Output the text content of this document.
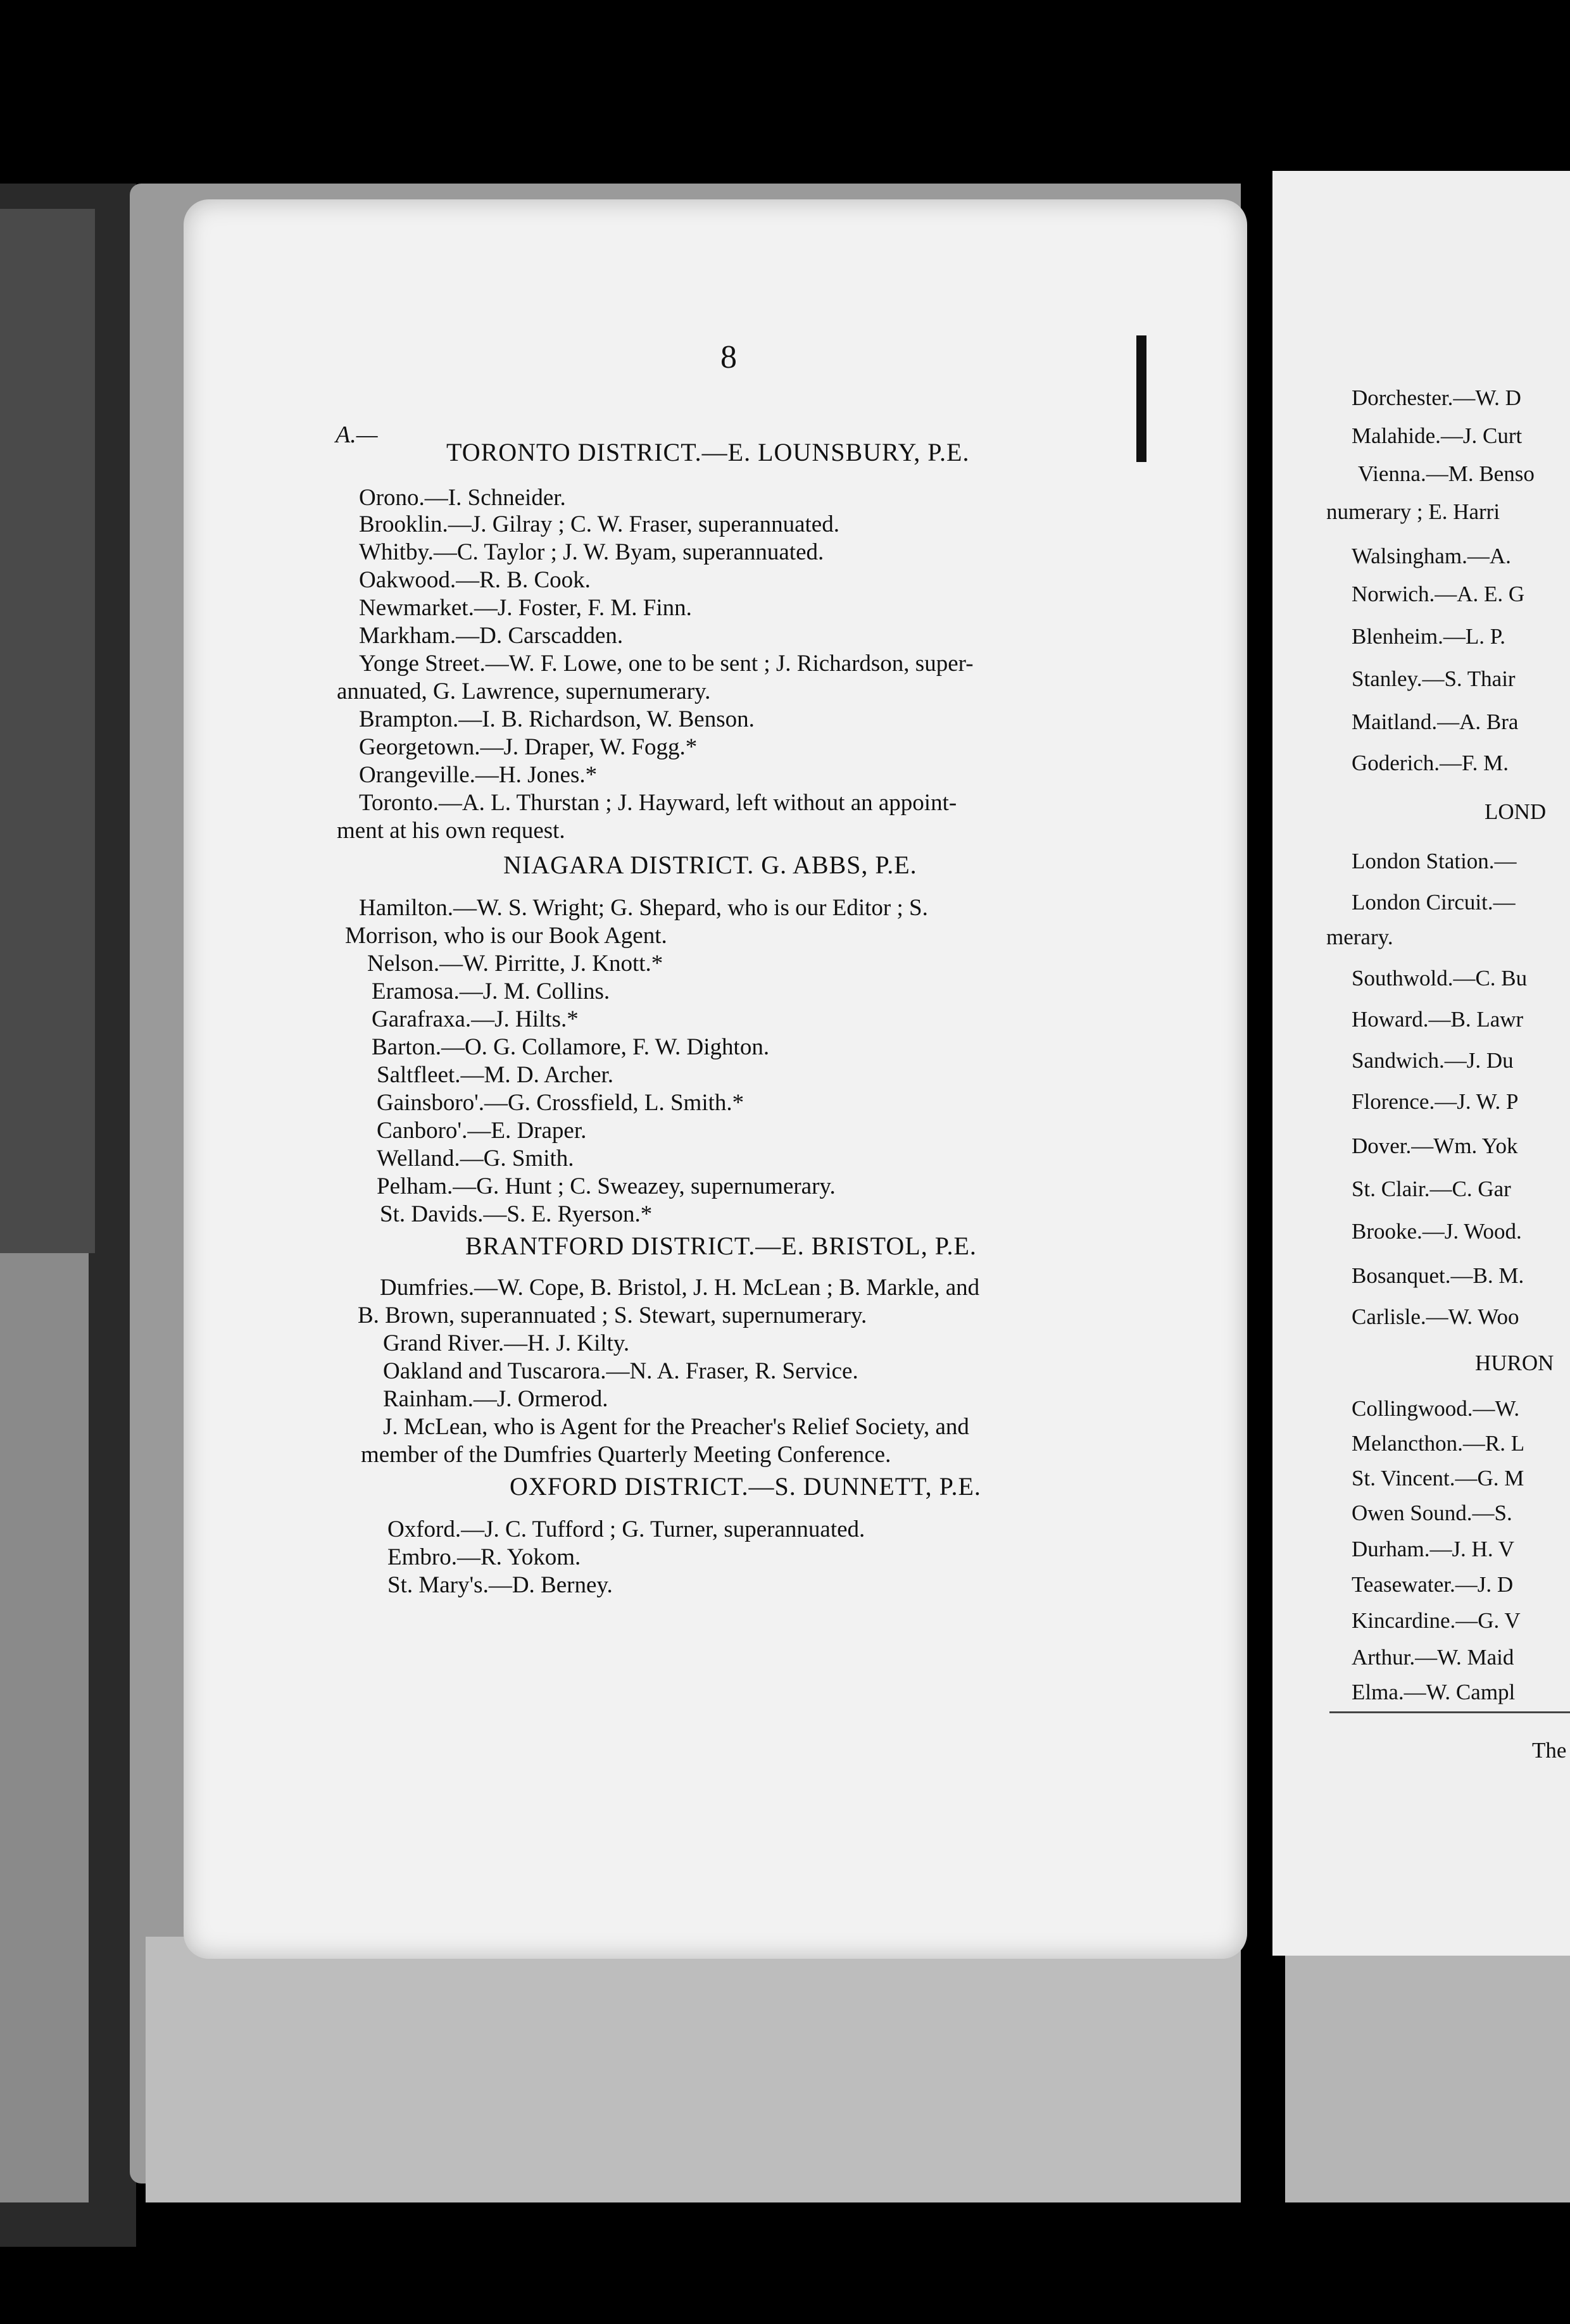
8
A.—
TORONTO DISTRICT.—E. LOUNSBURY, P.E.
Orono.—I. Schneider.
Brooklin.—J. Gilray ; C. W. Fraser, superannuated.
Whitby.—C. Taylor ; J. W. Byam, superannuated.
Oakwood.—R. B. Cook.
Newmarket.—J. Foster, F. M. Finn.
Markham.—D. Carscadden.
Yonge Street.—W. F. Lowe, one to be sent ; J. Richardson, super-
annuated, G. Lawrence, supernumerary.
Brampton.—I. B. Richardson, W. Benson.
Georgetown.—J. Draper, W. Fogg.*
Orangeville.—H. Jones.*
Toronto.—A. L. Thurstan ; J. Hayward, left without an appoint-
ment at his own request.
NIAGARA DISTRICT. G. ABBS, P.E.
Hamilton.—W. S. Wright; G. Shepard, who is our Editor ; S.
Morrison, who is our Book Agent.
Nelson.—W. Pirritte, J. Knott.*
Eramosa.—J. M. Collins.
Garafraxa.—J. Hilts.*
Barton.—O. G. Collamore, F. W. Dighton.
Saltfleet.—M. D. Archer.
Gainsboro'.—G. Crossfield, L. Smith.*
Canboro'.—E. Draper.
Welland.—G. Smith.
Pelham.—G. Hunt ; C. Sweazey, supernumerary.
St. Davids.—S. E. Ryerson.*
BRANTFORD DISTRICT.—E. BRISTOL, P.E.
Dumfries.—W. Cope, B. Bristol, J. H. McLean ; B. Markle, and
B. Brown, superannuated ; S. Stewart, supernumerary.
Grand River.—H. J. Kilty.
Oakland and Tuscarora.—N. A. Fraser, R. Service.
Rainham.—J. Ormerod.
J. McLean, who is Agent for the Preacher's Relief Society, and
member of the Dumfries Quarterly Meeting Conference.
OXFORD DISTRICT.—S. DUNNETT, P.E.
Oxford.—J. C. Tufford ; G. Turner, superannuated.
Embro.—R. Yokom.
St. Mary's.—D. Berney.
Dorchester.—W. D
Malahide.—J. Curt
Vienna.—M. Benso
numerary ; E. Harri
Walsingham.—A.
Norwich.—A. E. G
Blenheim.—L. P.
Stanley.—S. Thair
Maitland.—A. Bra
Goderich.—F. M.
LOND
London Station.—
London Circuit.—
merary.
Southwold.—C. Bu
Howard.—B. Lawr
Sandwich.—J. Du
Florence.—J. W. P
Dover.—Wm. Yok
St. Clair.—C. Gar
Brooke.—J. Wood.
Bosanquet.—B. M.
Carlisle.—W. Woo
HURON
Collingwood.—W.
Melancthon.—R. L
St. Vincent.—G. M
Owen Sound.—S.
Durham.—J. H. V
Teasewater.—J. D
Kincardine.—G. V
Arthur.—W. Maid
Elma.—W. Campl
The
